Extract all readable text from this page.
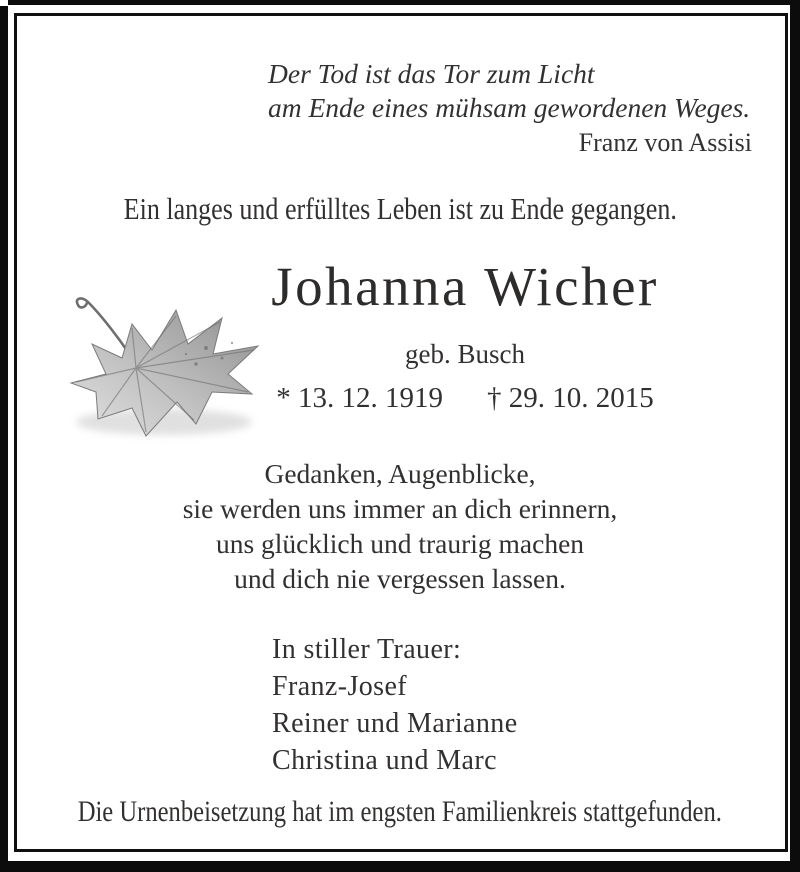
Der Tod ist das Tor zum Licht
am Ende eines mühsam gewordenen Weges.
Franz von Assisi
Ein langes und erfülltes Leben ist zu Ende gegangen.
Johanna Wicher
geb. Busch
* 13. 12. 1919 † 29. 10. 2015
Gedanken, Augenblicke,
sie werden uns immer an dich erinnern,
uns glücklich und traurig machen
und dich nie vergessen lassen.
In stiller Trauer:
Franz-Josef
Reiner und Marianne
Christina und Marc
Die Urnenbeisetzung hat im engsten Familienkreis stattgefunden.
